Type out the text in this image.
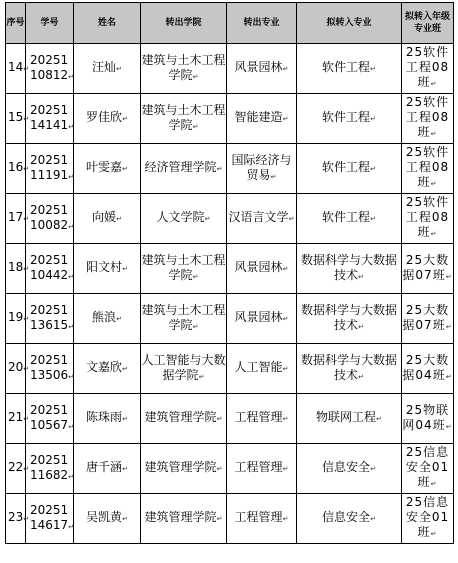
序号	学号	姓名	转出学院	转出专业	拟转入专业	拟转入年级专业班
14↵	20251 10812↵	汪灿↵	建筑与土木工程学院↵	风景园林↵	软件工程↵	25软件工程08班↵
15↵	20251 14141↵	罗佳欣↵	建筑与土木工程学院↵	智能建造↵	软件工程↵	25软件工程08班↵
16↵	20251 11191↵	叶雯嘉↵	经济管理学院↵	国际经济与贸易↵	软件工程↵	25软件工程08班↵
17↵	20251 10082↵	向媛↵	人文学院↵	汉语言文学↵	软件工程↵	25软件工程08班↵
18↵	20251 10442↵	阳文村↵	建筑与土木工程学院↵	风景园林↵	数据科学与大数据技术↵	25大数据07班↵
19↵	20251 13615↵	熊浪↵	建筑与土木工程学院↵	风景园林↵	数据科学与大数据技术↵	25大数据07班↵
20↵	20251 13506↵	文嘉欣↵	人工智能与大数据学院↵	人工智能↵	数据科学与大数据技术↵	25大数据04班↵
21↵	20251 10567↵	陈珠雨↵	建筑管理学院↵	工程管理↵	物联网工程↵	25物联网04班↵
22↵	20251 11682↵	唐千涵↵	建筑管理学院↵	工程管理↵	信息安全↵	25信息安全01班↵
23↵	20251 14617↵	吴凯黄↵	建筑管理学院↵	工程管理↵	信息安全↵	25信息安全01班↵
